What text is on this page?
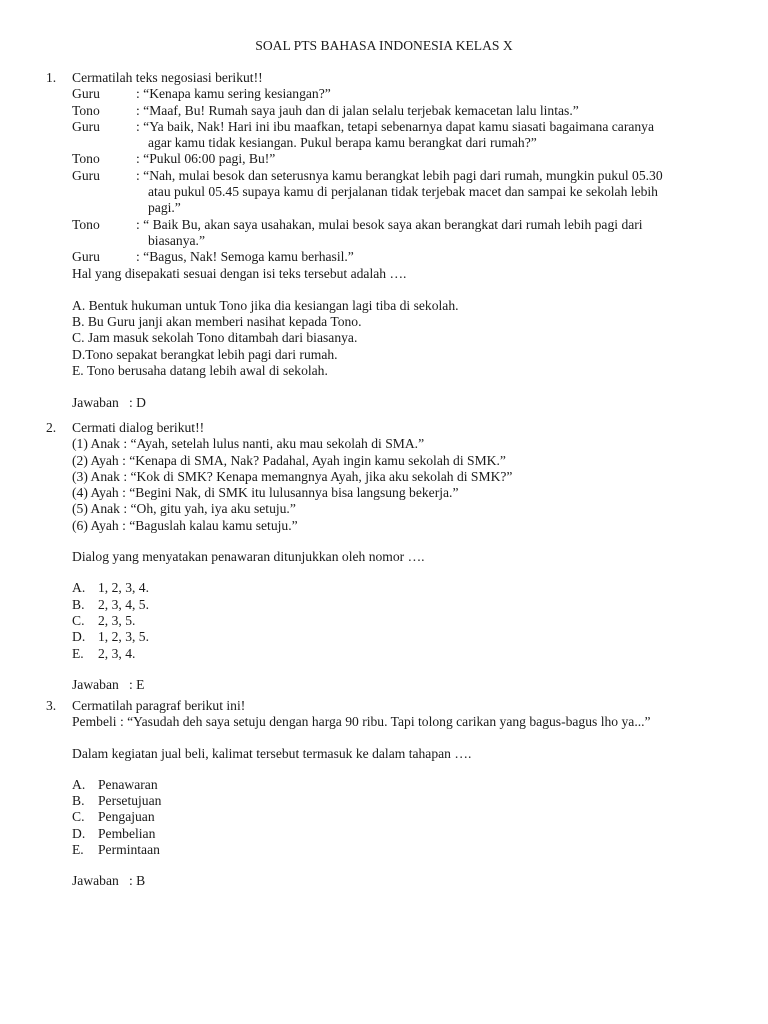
SOAL PTS BAHASA INDONESIA KELAS X
1. Cermatilah teks negosiasi berikut!!
Guru	: “Kenapa kamu sering kesiangan?”
Tono	: “Maaf, Bu! Rumah saya jauh dan di jalan selalu terjebak kemacetan lalu lintas.”
Guru	: “Ya baik, Nak! Hari ini ibu maafkan, tetapi sebenarnya dapat kamu siasati bagaimana caranya
agar kamu tidak kesiangan. Pukul berapa kamu berangkat dari rumah?”
Tono	: “Pukul 06:00 pagi, Bu!”
Guru	: “Nah, mulai besok dan seterusnya kamu berangkat lebih pagi dari rumah, mungkin pukul 05.30
atau pukul 05.45 supaya kamu di perjalanan tidak terjebak macet dan sampai ke sekolah lebih
pagi.”
Tono	: “ Baik Bu, akan saya usahakan, mulai besok saya akan berangkat dari rumah lebih pagi dari
biasanya.”
Guru	: “Bagus, Nak! Semoga kamu berhasil.”
Hal yang disepakati sesuai dengan isi teks tersebut adalah ….
A. Bentuk hukuman untuk Tono jika dia kesiangan lagi tiba di sekolah.
B. Bu Guru janji akan memberi nasihat kepada Tono.
C. Jam masuk sekolah Tono ditambah dari biasanya.
D.Tono sepakat berangkat lebih pagi dari rumah.
E. Tono berusaha datang lebih awal di sekolah.
Jawaban   : D
2. Cermati dialog berikut!!
(1) Anak : “Ayah, setelah lulus nanti, aku mau sekolah di SMA.”
(2) Ayah : “Kenapa di SMA, Nak? Padahal, Ayah ingin kamu sekolah di SMK.”
(3) Anak : “Kok di SMK? Kenapa memangnya Ayah, jika aku sekolah di SMK?”
(4) Ayah : “Begini Nak, di SMK itu lulusannya bisa langsung bekerja.”
(5) Anak : “Oh, gitu yah, iya aku setuju.”
(6) Ayah : “Baguslah kalau kamu setuju.”
Dialog yang menyatakan penawaran ditunjukkan oleh nomor ….
A. 1, 2, 3, 4.
B. 2, 3, 4, 5.
C. 2, 3, 5.
D. 1, 2, 3, 5.
E. 2, 3, 4.
Jawaban   : E
3. Cermatilah paragraf berikut ini!
Pembeli : “Yasudah deh saya setuju dengan harga 90 ribu. Tapi tolong carikan yang bagus-bagus lho ya...”
Dalam kegiatan jual beli, kalimat tersebut termasuk ke dalam tahapan ….
A. Penawaran
B. Persetujuan
C. Pengajuan
D. Pembelian
E. Permintaan
Jawaban   : B
